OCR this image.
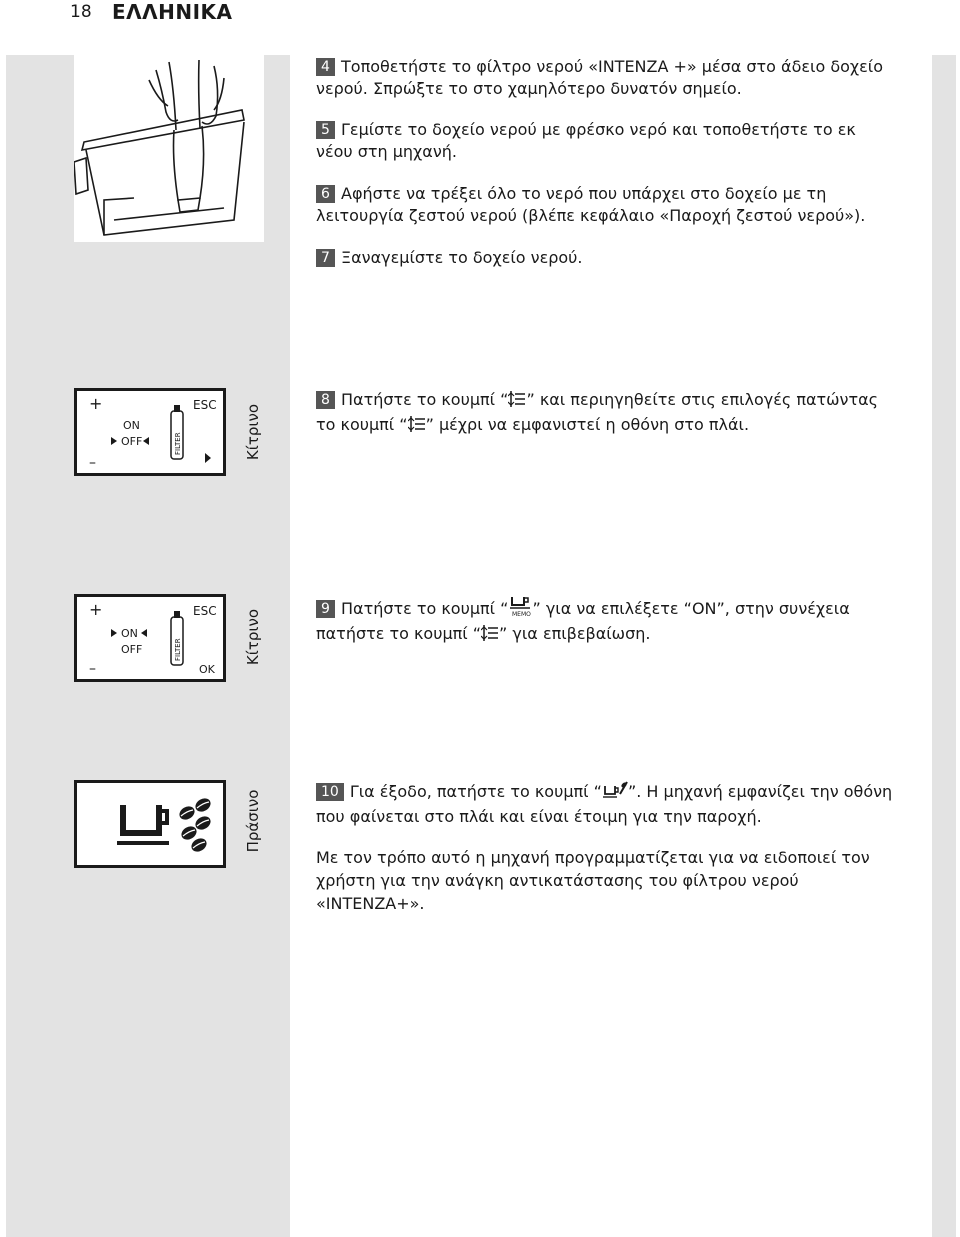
18 ΕΛΛΗΝΙΚΑ
4 Τοποθετήστε το φίλτρο νερού «INTENZA +» μέσα στο άδειο δοχείο νερού. Σπρώξτε το στο χαμηλότερο δυνατόν σημείο.
5 Γεμίστε το δοχείο νερού με φρέσκο νερό και τοποθετήστε το εκ νέου στη μηχανή.
6 Αφήστε να τρέξει όλο το νερό που υπάρχει στο δοχείο με τη λειτουργία ζεστού νερού (βλέπε κεφάλαιο «Παροχή ζεστού νερού»).
7 Ξαναγεμίστε το δοχείο νερού.
+
–
ESC
ON
OFF	FILTER	Κίτρινο
8 Πατήστε το κουμπί “ ” και περιηγηθείτε στις επιλογές πατώντας το κουμπί “ ” μέχρι να εμφανιστεί η οθόνη στο πλάι.
+
–
ESC
ON
OFF	FILTER
OK
Κίτρινο	9 Πατήστε το κουμπί “ MEMO ” για να επιλέξετε “ON”, στην συνέχεια πατήστε το κουμπί “ ” για επιβεβαίωση.
Πράσινο	10 Για έξοδο, πατήστε το κουμπί “ ”. Η μηχανή εμφανίζει την οθόνη που φαίνεται στο πλάι και είναι έτοιμη για την παροχή.
Με τον τρόπο αυτό η μηχανή προγραμματίζεται για να ειδοποιεί τον χρήστη για την ανάγκη αντικατάστασης του φίλτρου νερού «INTENZA+».
